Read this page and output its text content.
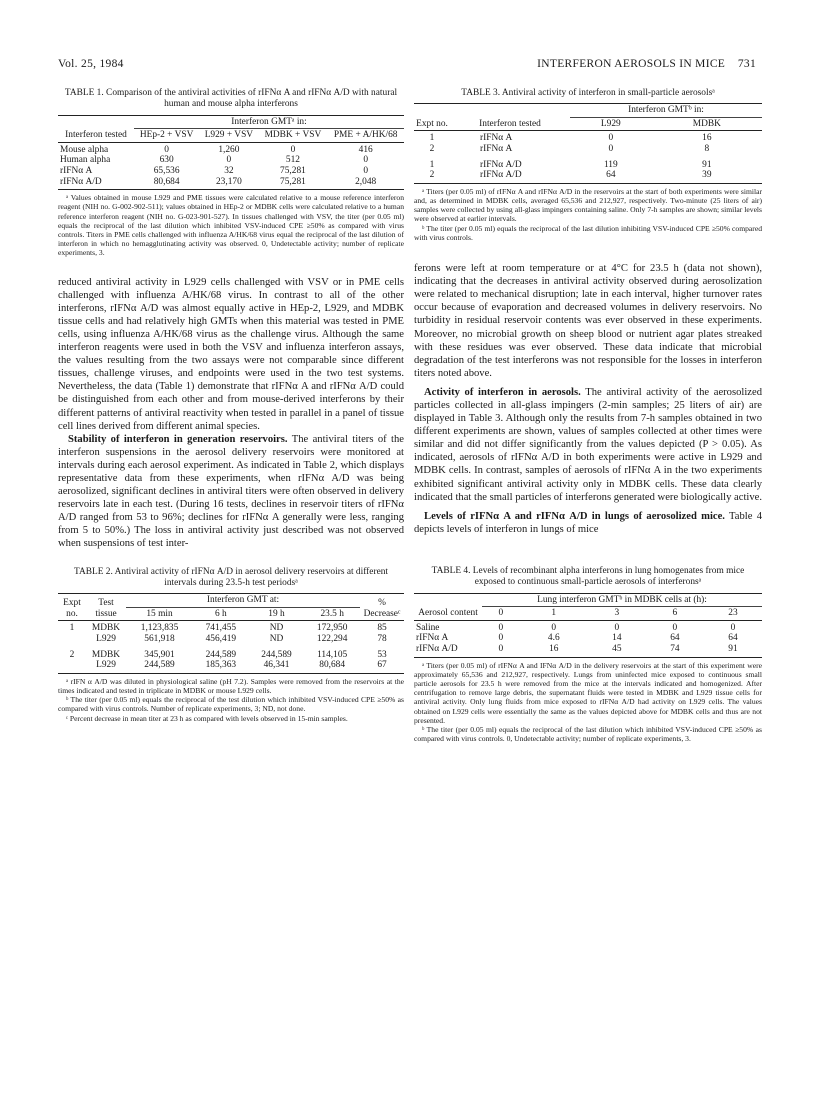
Vol. 25, 1984	INTERFERON AEROSOLS IN MICE 731
TABLE 1. Comparison of the antiviral activities of rIFNα A and rIFNα A/D with natural human and mouse alpha interferons
Interferon tested	Interferon GMTᵃ in:			
	HEp-2 + VSV	L929 + VSV	MDBK + VSV	PME + A/HK/68
Mouse alpha	0	1,260	0	416
Human alpha	630	0	512	0
rIFNα A	65,536	32	75,281	0
rIFNα A/D	80,684	23,170	75,281	2,048
ᵃ Values obtained in mouse L929 and PME tissues were calculated relative to a mouse reference interferon reagent (NIH no. G-002-902-511); values obtained in HEp-2 or MDBK cells were calculated relative to a human reference interferon reagent (NIH no. G-023-901-527). In tissues challenged with VSV, the titer (per 0.05 ml) equals the reciprocal of the last dilution which inhibited VSV-induced CPE ≥50% as compared with virus controls. Titers in PME cells challenged with influenza A/HK/68 virus equal the reciprocal of the last dilution of interferon in which no hemagglutinating activity was observed. 0, Undetectable activity; number of replicate experiments, 3.

reduced antiviral activity in L929 cells challenged with VSV or in PME cells challenged with influenza A/HK/68 virus. In contrast to all of the other interferons, rIFNα A/D was almost equally active in HEp-2, L929, and MDBK tissue cells and had relatively high GMTs when this material was tested in PME cells, using influenza A/HK/68 virus as the challenge virus. Although the same interferon reagents were used in both the VSV and influenza interferon assays, the values resulting from the two assays were not comparable since different tissues, challenge viruses, and endpoints were used in the two test systems. Nevertheless, the data (Table 1) demonstrate that rIFNα A and rIFNα A/D could be distinguished from each other and from mouse-derived interferons by their different patterns of antiviral reactivity when tested in parallel in a panel of tissue cell lines derived from different animal species.

Stability of interferon in generation reservoirs. The antiviral titers of the interferon suspensions in the aerosol delivery reservoirs were monitored at intervals during each aerosol experiment. As indicated in Table 2, which displays representative data from these experiments, when rIFNα A/D was being aerosolized, significant declines in antiviral titers were often observed in delivery reservoirs late in each test. (During 16 tests, declines in reservoir titers of rIFNα A/D ranged from 53 to 96%; declines for rIFNα A generally were less, ranging from 5 to 50%.) The loss in antiviral activity just described was not observed when suspensions of test inter-

TABLE 2. Antiviral activity of rIFNα A/D in aerosol delivery reservoirs at different intervals during 23.5-h test periodsᵃ
Expt no.	Test tissue	Interferon GMT at:				% Decreaseᶜ
		15 min	6 h	19 h	23.5 h	
1	MDBK	1,123,835	741,455	ND	172,950	85
	L929	561,918	456,419	ND	122,294	78
2	MDBK	345,901	244,589	244,589	114,105	53
	L929	244,589	185,363	46,341	80,684	67
ᵃ rIFN α A/D was diluted in physiological saline (pH 7.2). Samples were removed from the reservoirs at the times indicated and tested in triplicate in MDBK or mouse L929 cells.
ᵇ The titer (per 0.05 ml) equals the reciprocal of the test dilution which inhibited VSV-induced CPE ≥50% as compared with virus controls. Number of replicate experiments, 3; ND, not done.
ᶜ Percent decrease in mean titer at 23 h as compared with levels observed in 15-min samples.
TABLE 3. Antiviral activity of interferon in small-particle aerosolsᵃ
Expt no.	Interferon tested	Interferon GMTᵇ in:	
		L929	MDBK
1	rIFNα A	0	16
2	rIFNα A	0	8
1	rIFNα A/D	119	91
2	rIFNα A/D	64	39
ᵃ Titers (per 0.05 ml) of rIFNα A and rIFNα A/D in the reservoirs at the start of both experiments were similar and, as determined in MDBK cells, averaged 65,536 and 212,927, respectively. Two-minute (25 liters of air) samples were collected by using all-glass impingers containing saline. Only 7-h samples are shown; similar levels were observed at earlier intervals.
ᵇ The titer (per 0.05 ml) equals the reciprocal of the last dilution inhibiting VSV-induced CPE ≥50% compared with virus controls.

ferons were left at room temperature or at 4°C for 23.5 h (data not shown), indicating that the decreases in antiviral activity observed during aerosolization were related to mechanical disruption; late in each interval, higher turnover rates occur because of evaporation and decreased volumes in delivery reservoirs. No turbidity in residual reservoir contents was ever observed in these experiments. Moreover, no microbial growth on sheep blood or nutrient agar plates streaked with these residues was ever observed. These data indicate that microbial degradation of the test interferons was not responsible for the losses in interferon titers noted above.

Activity of interferon in aerosols. The antiviral activity of the aerosolized particles collected in all-glass impingers (2-min samples; 25 liters of air) are displayed in Table 3. Although only the results from 7-h samples obtained in two different experiments are shown, values of samples collected at other times were similar and did not differ significantly from the values depicted (P > 0.05). As indicated, aerosols of rIFNα A/D in both experiments were active in L929 and MDBK cells. In contrast, samples of aerosols of rIFNα A in the two experiments exhibited significant antiviral activity only in MDBK cells. These data clearly indicated that the small particles of interferons generated were biologically active.

Levels of rIFNα A and rIFNα A/D in lungs of aerosolized mice. Table 4 depicts levels of interferon in lungs of mice

TABLE 4. Levels of recombinant alpha interferons in lung homogenates from mice exposed to continuous small-particle aerosols of interferonsᵃ
Aerosol content	Lung interferon GMTᵇ in MDBK cells at (h):				
	0	1	3	6	23
Saline	0	0	0	0	0
rIFNα A	0	4.6	14	64	64
rIFNα A/D	0	16	45	74	91
ᵃ Titers (per 0.05 ml) of rIFNα A and IFNα A/D in the delivery reservoirs at the start of this experiment were approximately 65,536 and 212,927, respectively. Lungs from uninfected mice exposed to continuous small particle aerosols for 23.5 h were removed from the mice at the intervals indicated and homogenized. After centrifugation to remove large debris, the supernatant fluids were tested in MDBK and L929 tissue cells for antiviral activity. Only lung fluids from mice exposed to rIFNα A/D had activity on L929 cells. The values obtained on L929 cells were essentially the same as the values depicted above for MDBK cells and thus are not presented.
ᵇ The titer (per 0.05 ml) equals the reciprocal of the last dilution which inhibited VSV-induced CPE ≥50% as compared with virus controls. 0, Undetectable activity; number of replicate experiments, 3.
